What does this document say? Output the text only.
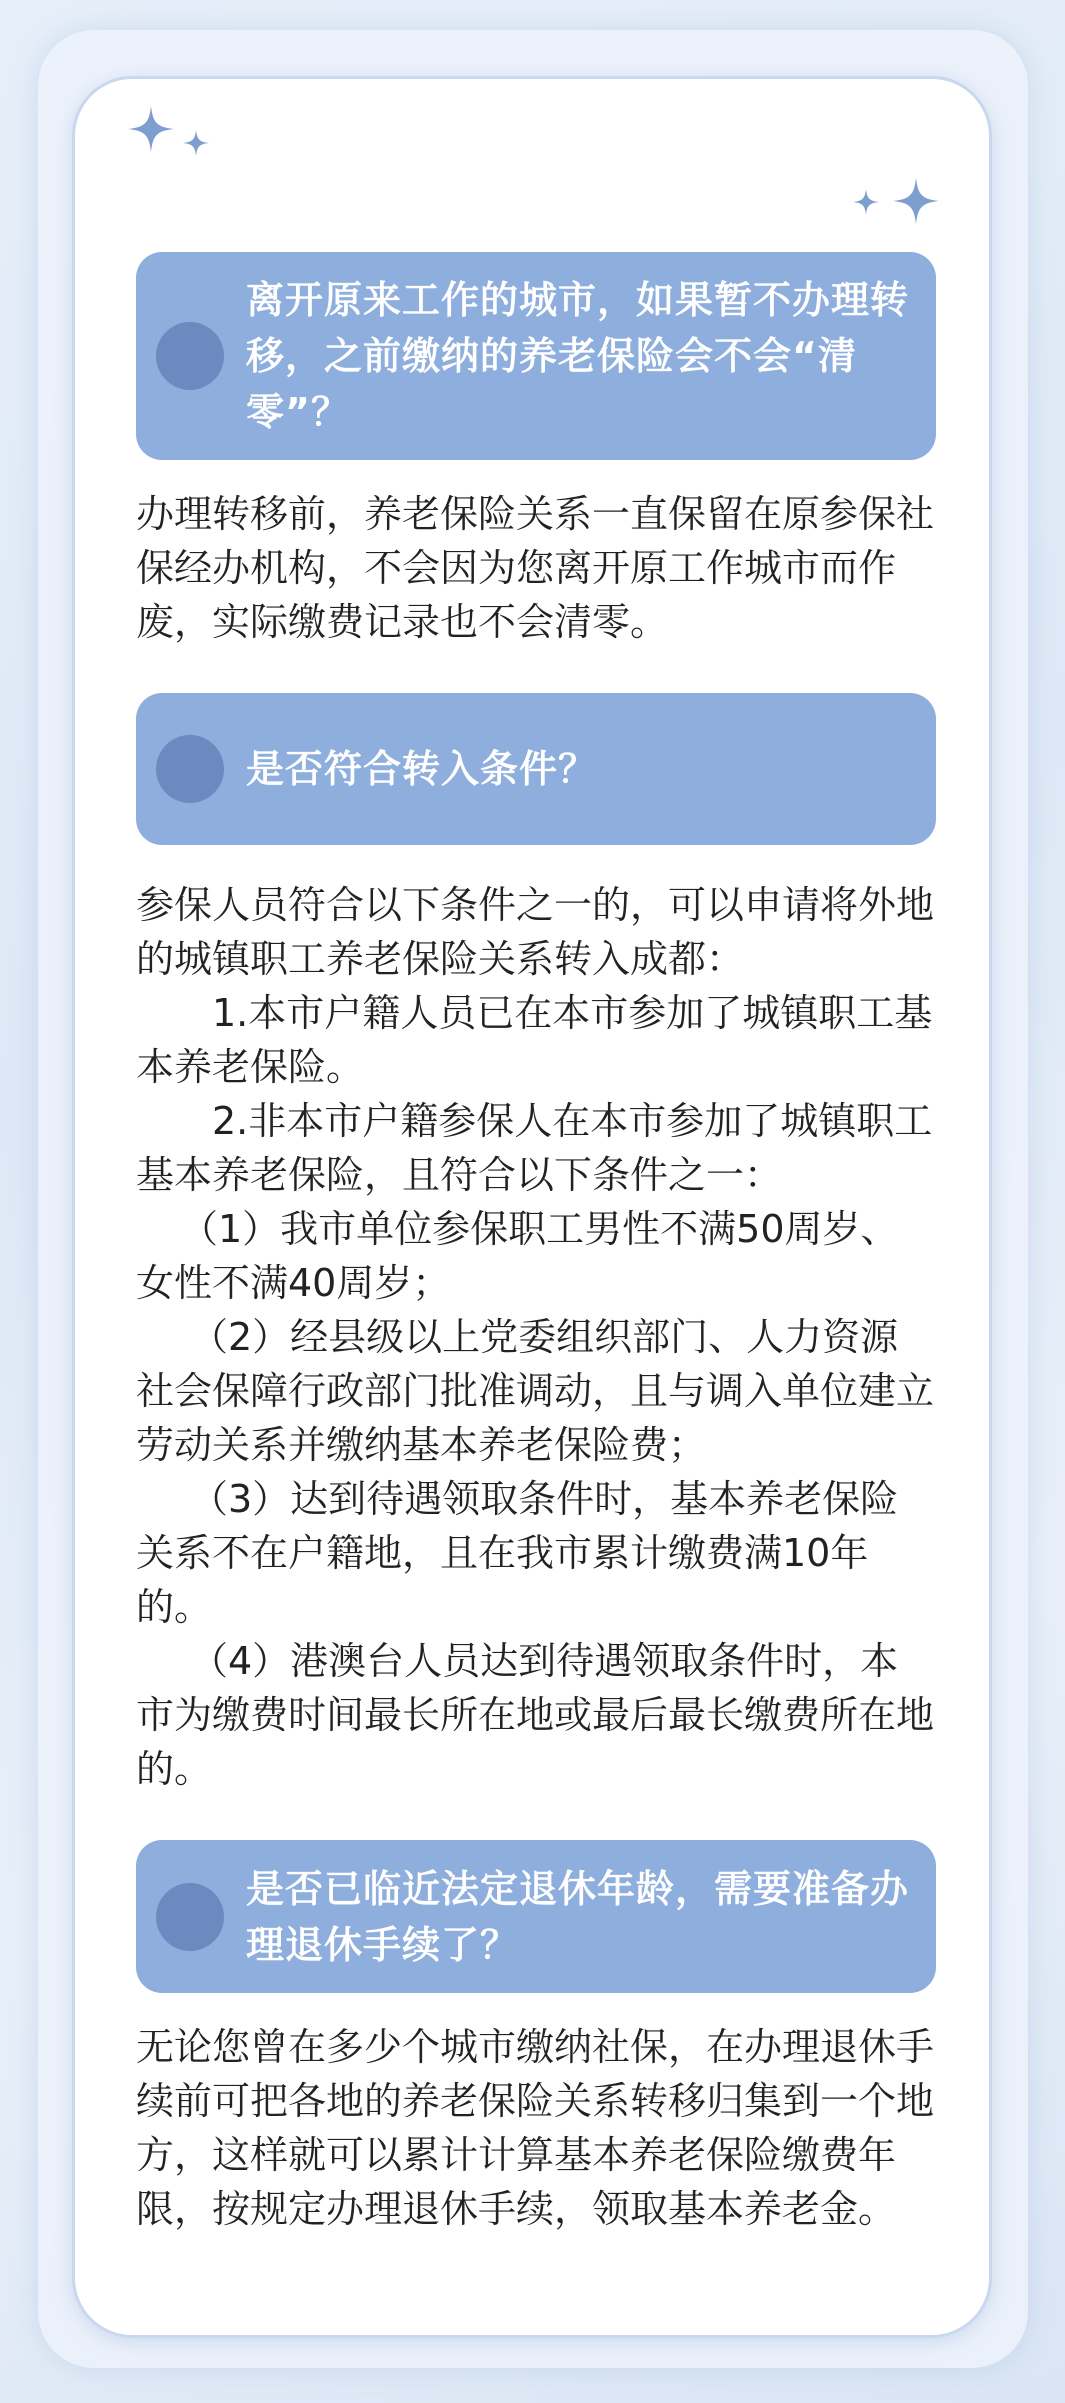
离开原来工作的城市，如果暂不办理转移，之前缴纳的养老保险会不会“清零”？

办理转移前，养老保险关系一直保留在原参保社保经办机构，不会因为您离开原工作城市而作废，实际缴费记录也不会清零。

是否符合转入条件？

参保人员符合以下条件之一的，可以申请将外地的城镇职工养老保险关系转入成都：

1.本市户籍人员已在本市参加了城镇职工基本养老保险。

2.非本市户籍参保人在本市参加了城镇职工基本养老保险，且符合以下条件之一：

（1）我市单位参保职工男性不满50周岁、女性不满40周岁；

（2）经县级以上党委组织部门、人力资源社会保障行政部门批准调动，且与调入单位建立劳动关系并缴纳基本养老保险费；

（3）达到待遇领取条件时，基本养老保险关系不在户籍地，且在我市累计缴费满10年的。

（4）港澳台人员达到待遇领取条件时，本市为缴费时间最长所在地或最后最长缴费所在地的。

是否已临近法定退休年龄，需要准备办理退休手续了？

无论您曾在多少个城市缴纳社保，在办理退休手续前可把各地的养老保险关系转移归集到一个地方，这样就可以累计计算基本养老保险缴费年限，按规定办理退休手续，领取基本养老金。
